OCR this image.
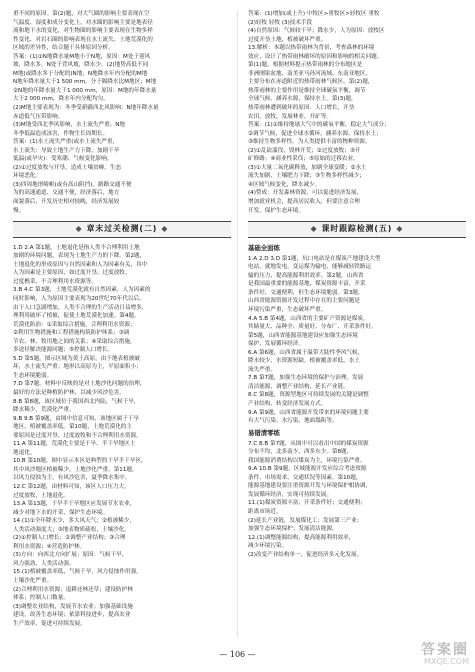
重不同的原因。第(2)题，对大气圈的影响主要表现在空
气温度、湿度和成分变化上，对水圈的影响主要是地表径
流和地下水的变化，对生物圈的影响主要表现在生物多样
性变化、对岩石圈的影响表现在水土流失、土地荒漠化的
区域的差异性，结合题干具体原因分析。
答案：(1)①N地降水量M地小于N地，原因：M处于迎风
坡，降水多，N处于背风坡，降水少。(2)地势高低不同
M地(或降水多于分配的)N地，N地降水年内分配的M地
N地年降水量大于1 500 mm，分于隔降水比M地区；M地
②N地的年降水量大于1 000 mm，原因：M地的年降水量
大于2 000 mm，降水年内分配均匀。
(2)M地主要表现为：冬季受新疆西北风影响：N地年降水量
赤道低气压带影响。
(3)M地受西北季风影响，水土流失严重；N地
冬季低温造成冻害，作物生长周期长。
答案：(1)水土流失严重(或水土流失严重，
水土流失：导致土地生产力下降，加剧干旱
低温(或旱灾)：受寒潮、气候变化影响。
(2)①过度放牧与开垦，造成土壤贫瘠，生态
环境恶化。
(3)四周地形崎岖(或有高山阻挡)，路路交通不便
为的高速通道、交通不便，经济落后，地方
面貌落后，开发历史相对较晚，经济发展较
慢。
◆ 章末过关检测(二) ◆
1.D 2.A 第1题，土地退化是指人类不合理利用土地
加剧的环境问题，表现为土地生产力的下降。第2题，
土地退化的形成原因与自然因素和人为因素有关，其中
人为因素是主要原因，如过度开垦、过度放牧、
过度樵采、不合理利用水资源等。
3.B 4.C 第3题，土地荒漠化就有自然因素，人为因素的
同时影响，人为原因主要表现为20世纪70年代以后，
由于人口急剧增加，人类不合理的生产活动日益增多，
理利用破坏了植被，促使土地荒漠化加速。第4题，
荒漠化防治：①采取综合措施，合理利用水资源；
②利用生物措施和工程措施构筑防护体系；③调
节农、林、牧用地之间的关系；④采取综合措施，
多途径解决能源问题；⑤控制人口增长。
5.D 第5题，图示区域为黄土高原，由于地表植被破
坏，水土流失严重；地形以高原为主，平原面积小；
生态环境脆弱。
7.D 第7题，材料中反映的是对土地沙化问题的治理，
最好的方法是种植防护林，以减少风沙危害。
8.B 第8题，该区域位于我国西北内陆，气候干旱，
降水稀少，荒漠化严重。
9.B 9.B 第9题，由图中信息可知，该地区属于干旱
地区，植被覆盖率低。第10题，土地荒漠化的主
要原因是过度开垦、过度放牧和不合理利用水资源。
11.A 第11题，荒漠化主要是干旱、半干旱地区土
地退化。
10.B 第10题，图中显示本区是典型的干旱半干旱区，
其中风沙地区植被稀少，土地沙化严重。第11题，
以风力侵蚀为主，有风沙危害，夏季降水集中。
12.C 第12题，由材料可知，该区人口压力大，
过度放牧，土地退化。
13.A 第13题，干旱半干旱地区应发展节水农业，
减少对地下水的开采，保护生态环境。
14.(1)①全年降水少，多大风天气；②植被稀少，
人类活动强度大；③地表物质疏松，土壤沙化。
(2)①控制人口增长；②调整产业结构；③合理
利用水资源；④营造防护林。
(3)方向：向西北方向扩展；原因：气候干旱、
风力强劲、人类活动强。
15.(1)植被覆盖率低，气候干旱，风力侵蚀作用强，
土壤沙化严重。
(2)合理利用水资源；退耕还林还草；建设防护林
体系；控制人口数量。
(3)调整农业结构，发展节水农业；加强基础设施
建设，改善生态环境；依靠科技进步，提高农业
生产效率，促进可持续发展。
答案：(1)增加(或上升) 中牧区>重牧区>轻牧区 重牧
(2)轻牧 轻牧 (3)技术手段
(4)自然原因：气候较干旱；降水少，人为原因：放牧区
过度开垦土地，植被破坏严重。
13.解析：本题以热带雨林为背景，考查森林的环境
效应，设计了热带雨林破坏的原因和影响的相关问题。
第(1)题，根据材料提示热带雨林的分布地区是
非洲刚果盆地、南美亚马孙河流域、东南亚地区，
主要分布在赤道附近的热带雨林气候区。第(2)题，
热带雨林的主要作用是维持全球碳氧平衡，调节
全球气候，涵养水源，保持水土。第(3)题，
热带雨林遭到破坏的原因：人口增长，开垦
农田，放牧，发展林业，开矿等。
答案：(1)①维持地球大气中的碳氧平衡，稳定大气成分；
②调节气候，促进全球水循环，涵养水源，保持水土；
③维持生物多样性，为人类提供丰富的物种资源。
(2)①乱砍滥伐，毁林开荒；②过度放牧；③开
矿修路；④商业性采伐；⑤原始的迁移农业。
(3)①大量二氧化碳释放，加剧全球变暖；②水土
流失加剧，土壤肥力下降；③生物多样性减少；
④区域气候变化，降水减少。
(4)赞成：开发森林资源，可以促进经济发展，
增加就业机会，提高居民收入，但要注意合理
开发，保护生态环境。
◆ 课时跟踪检测(五) ◆
基础全面练
1.A 2.D 3.D 第1题，坑口电站是在煤炭产地建设大型
电站，就地发电，变运煤为输电，能够减轻铁路运
输的压力，提高能源利用效率。第2题，山西省
是我国最重要的能源基地，煤炭资源丰富，开采
条件好，交通便利，但生态环境脆弱。第3题，
山西省能源资源开发过程中存在的主要问题是
环境污染严重，生态破坏严重。
4.A 5.B 第4题，山西省的主要矿产资源是煤炭，
其储量大、品种全、质量好、分布广、开采条件好。
第5题，山西省能源基地建设应加强生态环境
保护，发展循环经济。
6.A 第6题，山西省属于温带大陆性季风气候，
降水较少，水资源短缺，植被覆盖率低，水土
流失严重。
7.B 第7题，加强生态环境的保护与治理，发展
清洁能源，调整产业结构，延长产业链。
8.C 第8题，资源型地区可持续发展的关键是调整
产业结构，转变经济发展方式。
9.A 第9题，山西省能源开发带来的环境问题主要
有大气污染、水污染、地面塌陷等。
易错清零练
7.C 8.B 第7题，从图中可以看出中国的煤炭资源
分布不均，北多南少，西多东少。第8题，
我国能源消费结构以煤炭为主，环境污染严重。
9.A 10.B 第9题，区域能源开发应综合考虑资源
条件、市场需求、交通状况等因素。第10题，
能源基地建设要注重资源开发与环境保护相协调，
发展循环经济，实现可持续发展。
11.(1)煤炭资源丰富；开采条件好；交通便利；
距离市场近。
(2)延长产业链，发展煤化工；发展第三产业；
加强生态环境保护；发展清洁能源。
12.(1)调整能源结构，提高能源利用效率，
减少环境污染。
(2)改变产业结构单一，促进经济多元化发展。
— 106 —	答案圈
MXQE.COM
